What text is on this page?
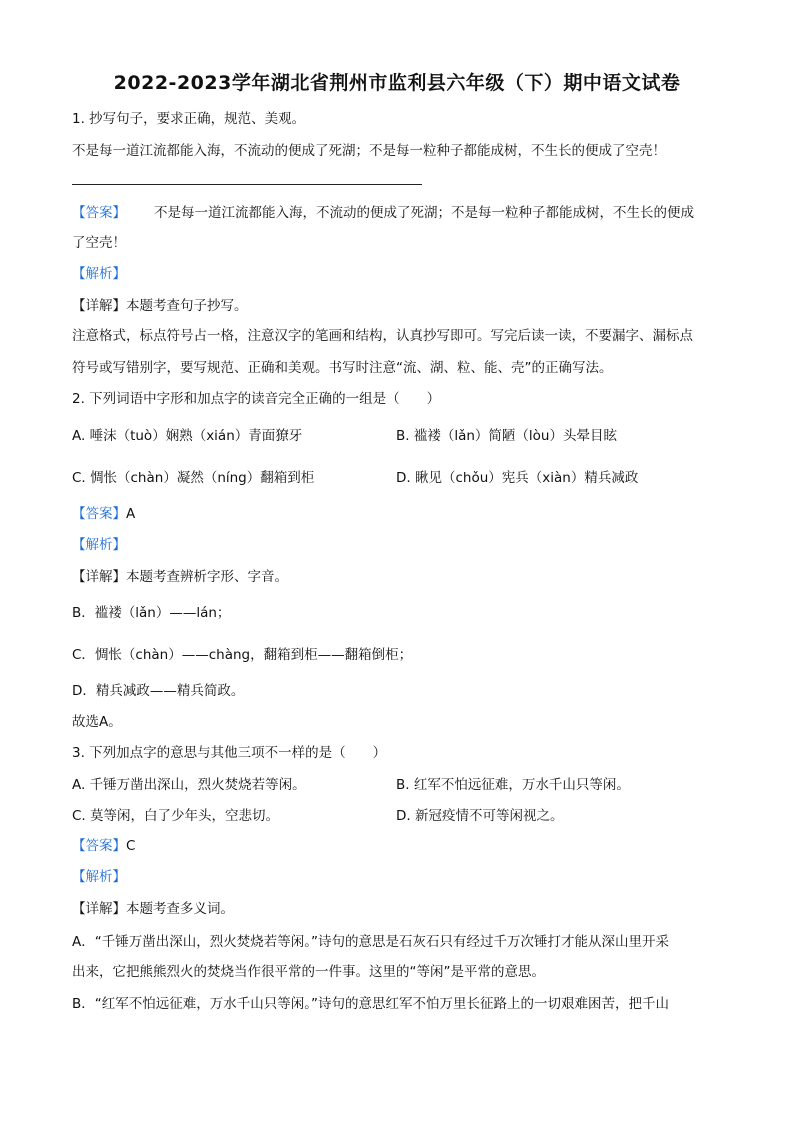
2022-2023学年湖北省荆州市监利县六年级（下）期中语文试卷
1. 抄写句子，要求正确，规范、美观。
不是每一道江流都能入海，不流动的便成了死湖；不是每一粒种子都能成树，不生长的便成了空壳！
【答案】 不是每一道江流都能入海，不流动的便成了死湖；不是每一粒种子都能成树，不生长的便成
了空壳！
【解析】
【详解】本题考查句子抄写。
注意格式，标点符号占一格，注意汉字的笔画和结构，认真抄写即可。写完后读一读，不要漏字、漏标点
符号或写错别字，要写规范、正确和美观。书写时注意“流、湖、粒、能、壳”的正确写法。
2. 下列词语中字形和加点字的读音完全正确的一组是（　　）
A. 唾沫（tuò）娴熟（xián）青面獠牙	B. 褴褛（lǎn）简陋（lòu）头晕目眩
C. 惆怅（chàn）凝然（níng）翻箱到柜	D. 瞅见（chǒu）宪兵（xiàn）精兵减政
【答案】A
【解析】
【详解】本题考查辨析字形、字音。
B．褴褛（lǎn）——lán；
C．惆怅（chàn）——chàng，翻箱到柜——翻箱倒柜；
D．精兵减政——精兵简政。
故选A。
3. 下列加点字的意思与其他三项不一样的是（　　）
A. 千锤万凿出深山，烈火焚烧若等闲。	B. 红军不怕远征难，万水千山只等闲。
C. 莫等闲，白了少年头，空悲切。	D. 新冠疫情不可等闲视之。
【答案】C
【解析】
【详解】本题考查多义词。
A．“千锤万凿出深山，烈火焚烧若等闲。”诗句的意思是石灰石只有经过千万次锤打才能从深山里开采
出来，它把熊熊烈火的焚烧当作很平常的一件事。这里的“等闲”是平常的意思。
B．“红军不怕远征难，万水千山只等闲。”诗句的意思红军不怕万里长征路上的一切艰难困苦，把千山
